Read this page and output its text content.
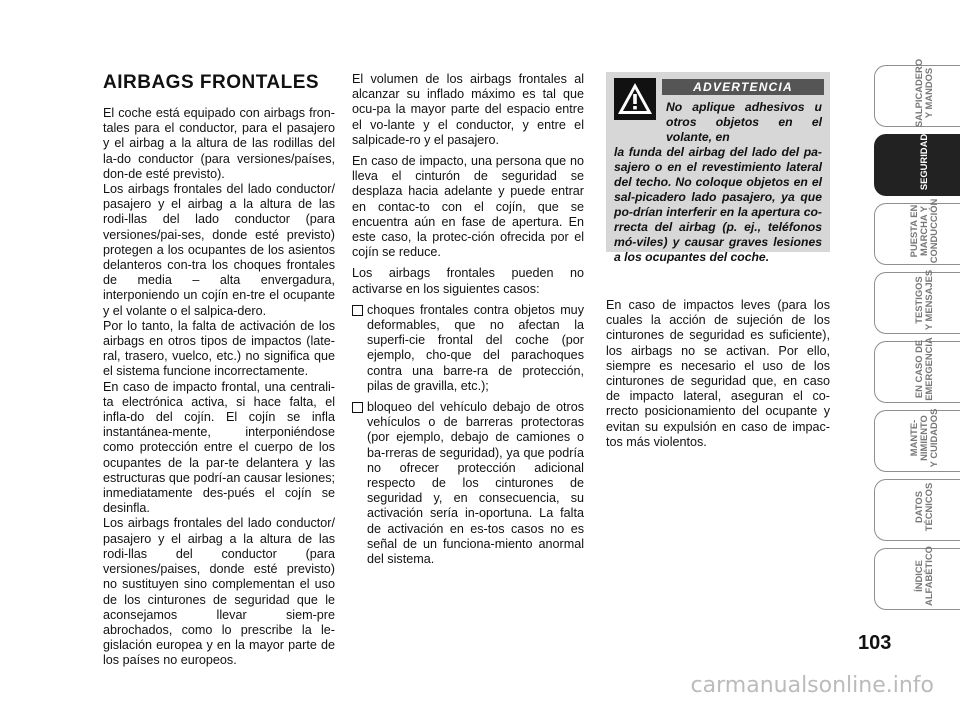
AIRBAGS FRONTALES

El coche está equipado con airbags fron-tales para el conductor, para el pasajero y el airbag a la altura de las rodillas del la-do conductor (para versiones/países, don-de esté previsto).

Los airbags frontales del lado conductor/ pasajero y el airbag a la altura de las rodi-llas del lado conductor (para versiones/pai-ses, donde esté previsto) protegen a los ocupantes de los asientos delanteros con-tra los choques frontales de media – alta envergadura, interponiendo un cojín en-tre el ocupante y el volante o el salpica-dero.

Por lo tanto, la falta de activación de los airbags en otros tipos de impactos (late-ral, trasero, vuelco, etc.) no significa que el sistema funcione incorrectamente.

En caso de impacto frontal, una centrali-ta electrónica activa, si hace falta, el infla-do del cojín. El cojín se infla instantánea-mente, interponiéndose como protección entre el cuerpo de los ocupantes de la par-te delantera y las estructuras que podrí-an causar lesiones; inmediatamente des-pués el cojín se desinfla.

Los airbags frontales del lado conductor/ pasajero y el airbag a la altura de las rodi-llas del conductor (para versiones/paises, donde esté previsto) no sustituyen sino complementan el uso de los cinturones de seguridad que le aconsejamos llevar siem-pre abrochados, como lo prescribe la le-gislación europea y en la mayor parte de los países no europeos.

El volumen de los airbags frontales al alcanzar su inflado máximo es tal que ocu-pa la mayor parte del espacio entre el vo-lante y el conductor, y entre el salpicade-ro y el pasajero.

En caso de impacto, una persona que no lleva el cinturón de seguridad se desplaza hacia adelante y puede entrar en contac-to con el cojín, que se encuentra aún en fase de apertura. En este caso, la protec-ción ofrecida por el cojín se reduce.

Los airbags frontales pueden no activarse en los siguientes casos:

choques frontales contra objetos muy deformables, que no afectan la superfi-cie frontal del coche (por ejemplo, cho-que del parachoques contra una barre-ra de protección, pilas de gravilla, etc.);
bloqueo del vehículo debajo de otros vehículos o de barreras protectoras (por ejemplo, debajo de camiones o ba-rreras de seguridad), ya que podría no ofrecer protección adicional respecto de los cinturones de seguridad y, en consecuencia, su activación sería in-oportuna. La falta de activación en es-tos casos no es señal de un funciona-miento anormal del sistema.
ADVERTENCIA
No aplique adhesivos u otros objetos en el volante, en
la funda del airbag del lado del pa-sajero o en el revestimiento lateral del techo. No coloque objetos en el sal-picadero lado pasajero, ya que po-drían interferir en la apertura co-rrecta del airbag (p. ej., teléfonos mó-viles) y causar graves lesiones a los ocupantes del coche.

En caso de impactos leves (para los cuales la acción de sujeción de los cinturones de seguridad es suficiente), los airbags no se activan. Por ello, siempre es necesario el uso de los cinturones de seguridad que, en caso de impacto lateral, aseguran el co-rrecto posicionamiento del ocupante y evitan su expulsión en caso de impac-tos más violentos.

SALPICADERO
Y MANDOS
SEGURIDAD
PUESTA EN
MARCHA Y
CONDUCCIÓN
TESTIGOS
Y MENSAJES
EN CASO DE
EMERGENCIA
MANTE-
NIMIENTO
Y CUIDADOS
DATOS
TÉCNICOS
ÍNDICE
ALFABÉTICO
103
carmanualsonline.info
